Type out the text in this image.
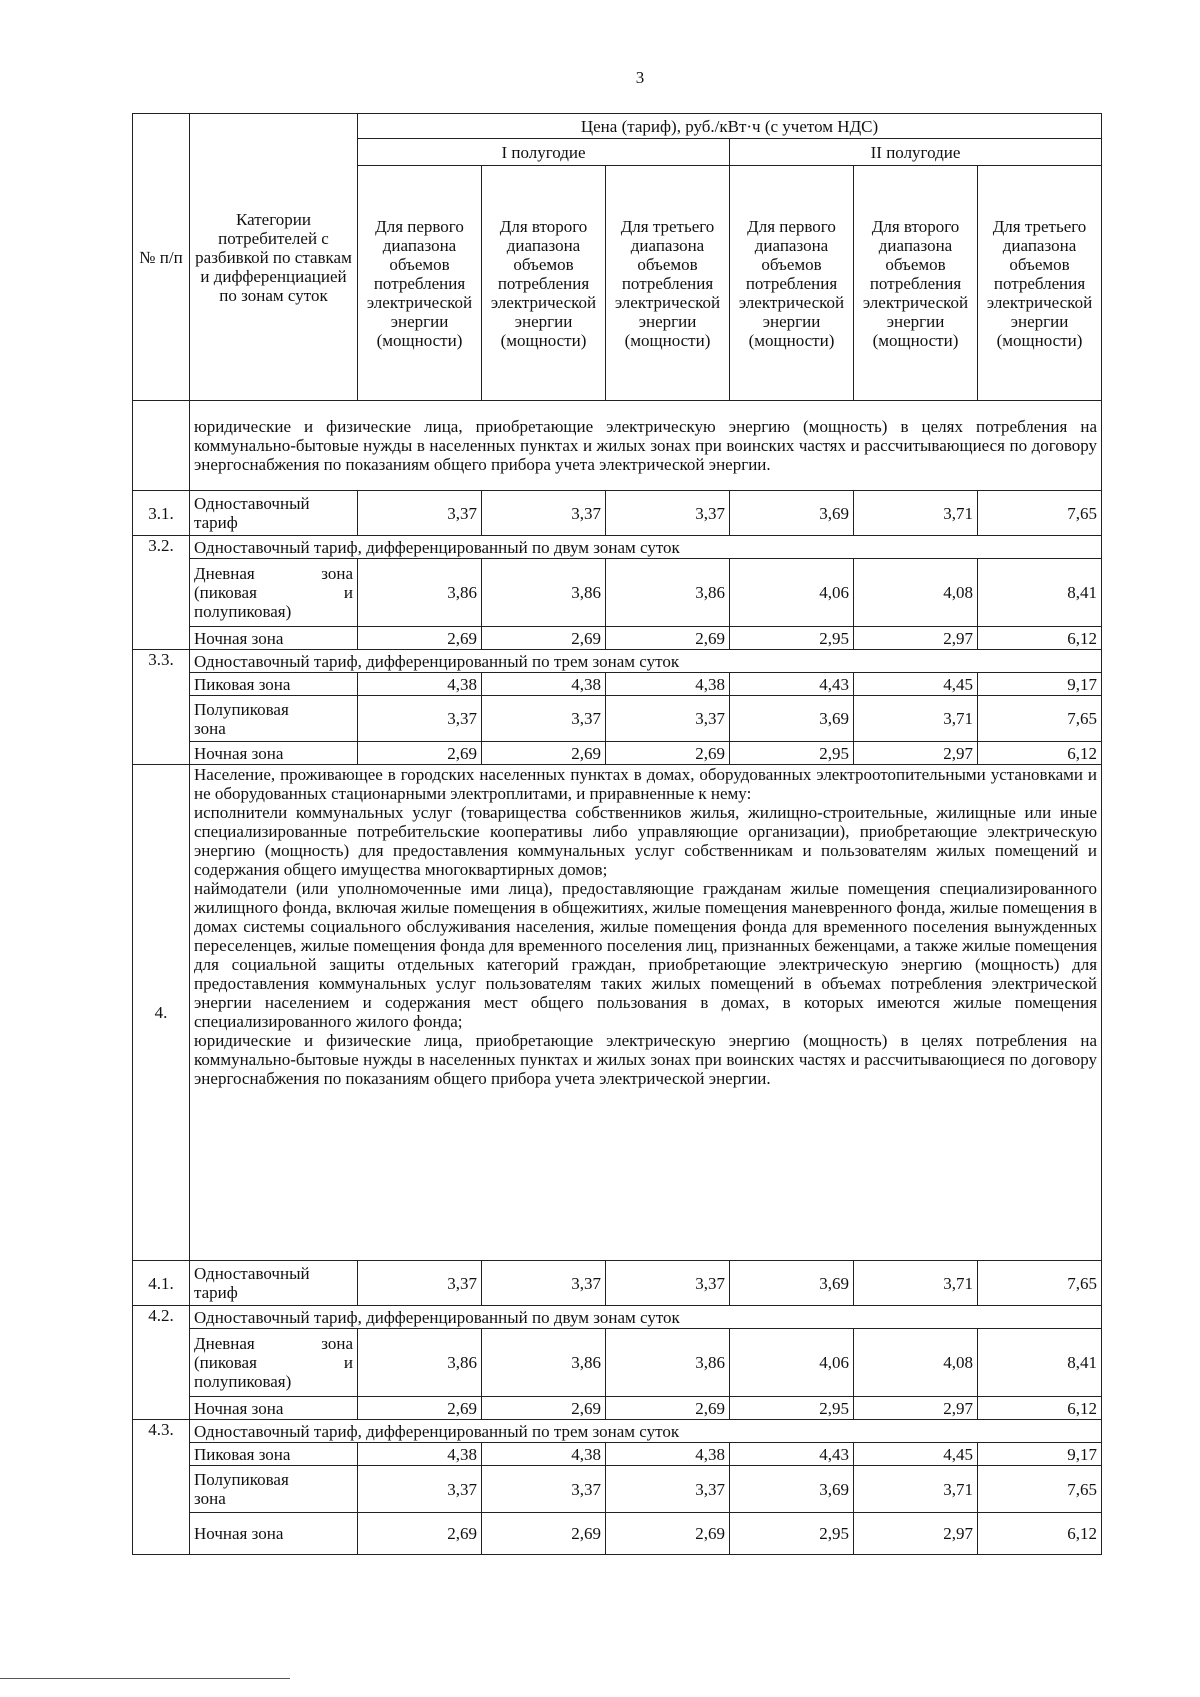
3
№ п/п	Категории потребителей с разбивкой по ставкам и дифференциацией по зонам суток	Цена (тариф), руб./кВт·ч (с учетом НДС)					
		I полугодие			II полугодие		
		Для первого диапазона объемов потребления электрической энергии (мощности)	Для второго диапазона объемов потребления электрической энергии (мощности)	Для третьего диапазона объемов потребления электрической энергии (мощности)	Для первого диапазона объемов потребления электрической энергии (мощности)	Для второго диапазона объемов потребления электрической энергии (мощности)	Для третьего диапазона объемов потребления электрической энергии (мощности)
	юридические и физические лица, приобретающие электрическую энергию (мощность) в целях потребления на коммунально-бытовые нужды в населенных пунктах и жилых зонах при воинских частях и рассчитывающиеся по договору энергоснабжения по показаниям общего прибора учета электрической энергии.						
3.1.	Одноставочный тариф	3,37	3,37	3,37	3,69	3,71	7,65
3.2.	Одноставочный тариф, дифференцированный по двум зонам суток						

	Дневная зона
(пиковая и
полупиковая)	3,86	3,86	3,86	4,06	4,08	8,41
	Ночная зона	2,69	2,69	2,69	2,95	2,97	6,12
3.3.	Одноставочный тариф, дифференцированный по трем зонам суток						
	Пиковая зона	4,38	4,38	4,38	4,43	4,45	9,17

	Полупиковая
зона	3,37	3,37	3,37	3,69	3,71	7,65
	Ночная зона	2,69	2,69	2,69	2,95	2,97	6,12
4.	Население, проживающее в городских населенных пунктах в домах, оборудованных электроотопительными установками и не оборудованных стационарными электроплитами, и приравненные к нему:

исполнители коммунальных услуг (товарищества собственников жилья, жилищно-строительные, жилищные или иные специализированные потребительские кооперативы либо управляющие организации), приобретающие электрическую энергию (мощность) для предоставления коммунальных услуг собственникам и пользователям жилых помещений и содержания общего имущества многоквартирных домов;

наймодатели (или уполномоченные ими лица), предоставляющие гражданам жилые помещения специализированного жилищного фонда, включая жилые помещения в общежитиях, жилые помещения маневренного фонда, жилые помещения в домах системы социального обслуживания населения, жилые помещения фонда для временного поселения вынужденных переселенцев, жилые помещения фонда для временного поселения лиц, признанных беженцами, а также жилые помещения для социальной защиты отдельных категорий граждан, приобретающие электрическую энергию (мощность) для предоставления коммунальных услуг пользователям таких жилых помещений в объемах потребления электрической энергии населением и содержания мест общего пользования в домах, в которых имеются жилые помещения специализированного жилого фонда;

юридические и физические лица, приобретающие электрическую энергию (мощность) в целях потребления на коммунально-бытовые нужды в населенных пунктах и жилых зонах при воинских частях и рассчитывающиеся по договору энергоснабжения по показаниям общего прибора учета электрической энергии.						

4.1.	Одноставочный тариф	3,37	3,37	3,37	3,69	3,71	7,65
4.2.	Одноставочный тариф, дифференцированный по двум зонам суток						

	Дневная зона
(пиковая и
полупиковая)	3,86	3,86	3,86	4,06	4,08	8,41
	Ночная зона	2,69	2,69	2,69	2,95	2,97	6,12
4.3.	Одноставочный тариф, дифференцированный по трем зонам суток						
	Пиковая зона	4,38	4,38	4,38	4,43	4,45	9,17

	Полупиковая
зона	3,37	3,37	3,37	3,69	3,71	7,65
	Ночная зона	2,69	2,69	2,69	2,95	2,97	6,12
